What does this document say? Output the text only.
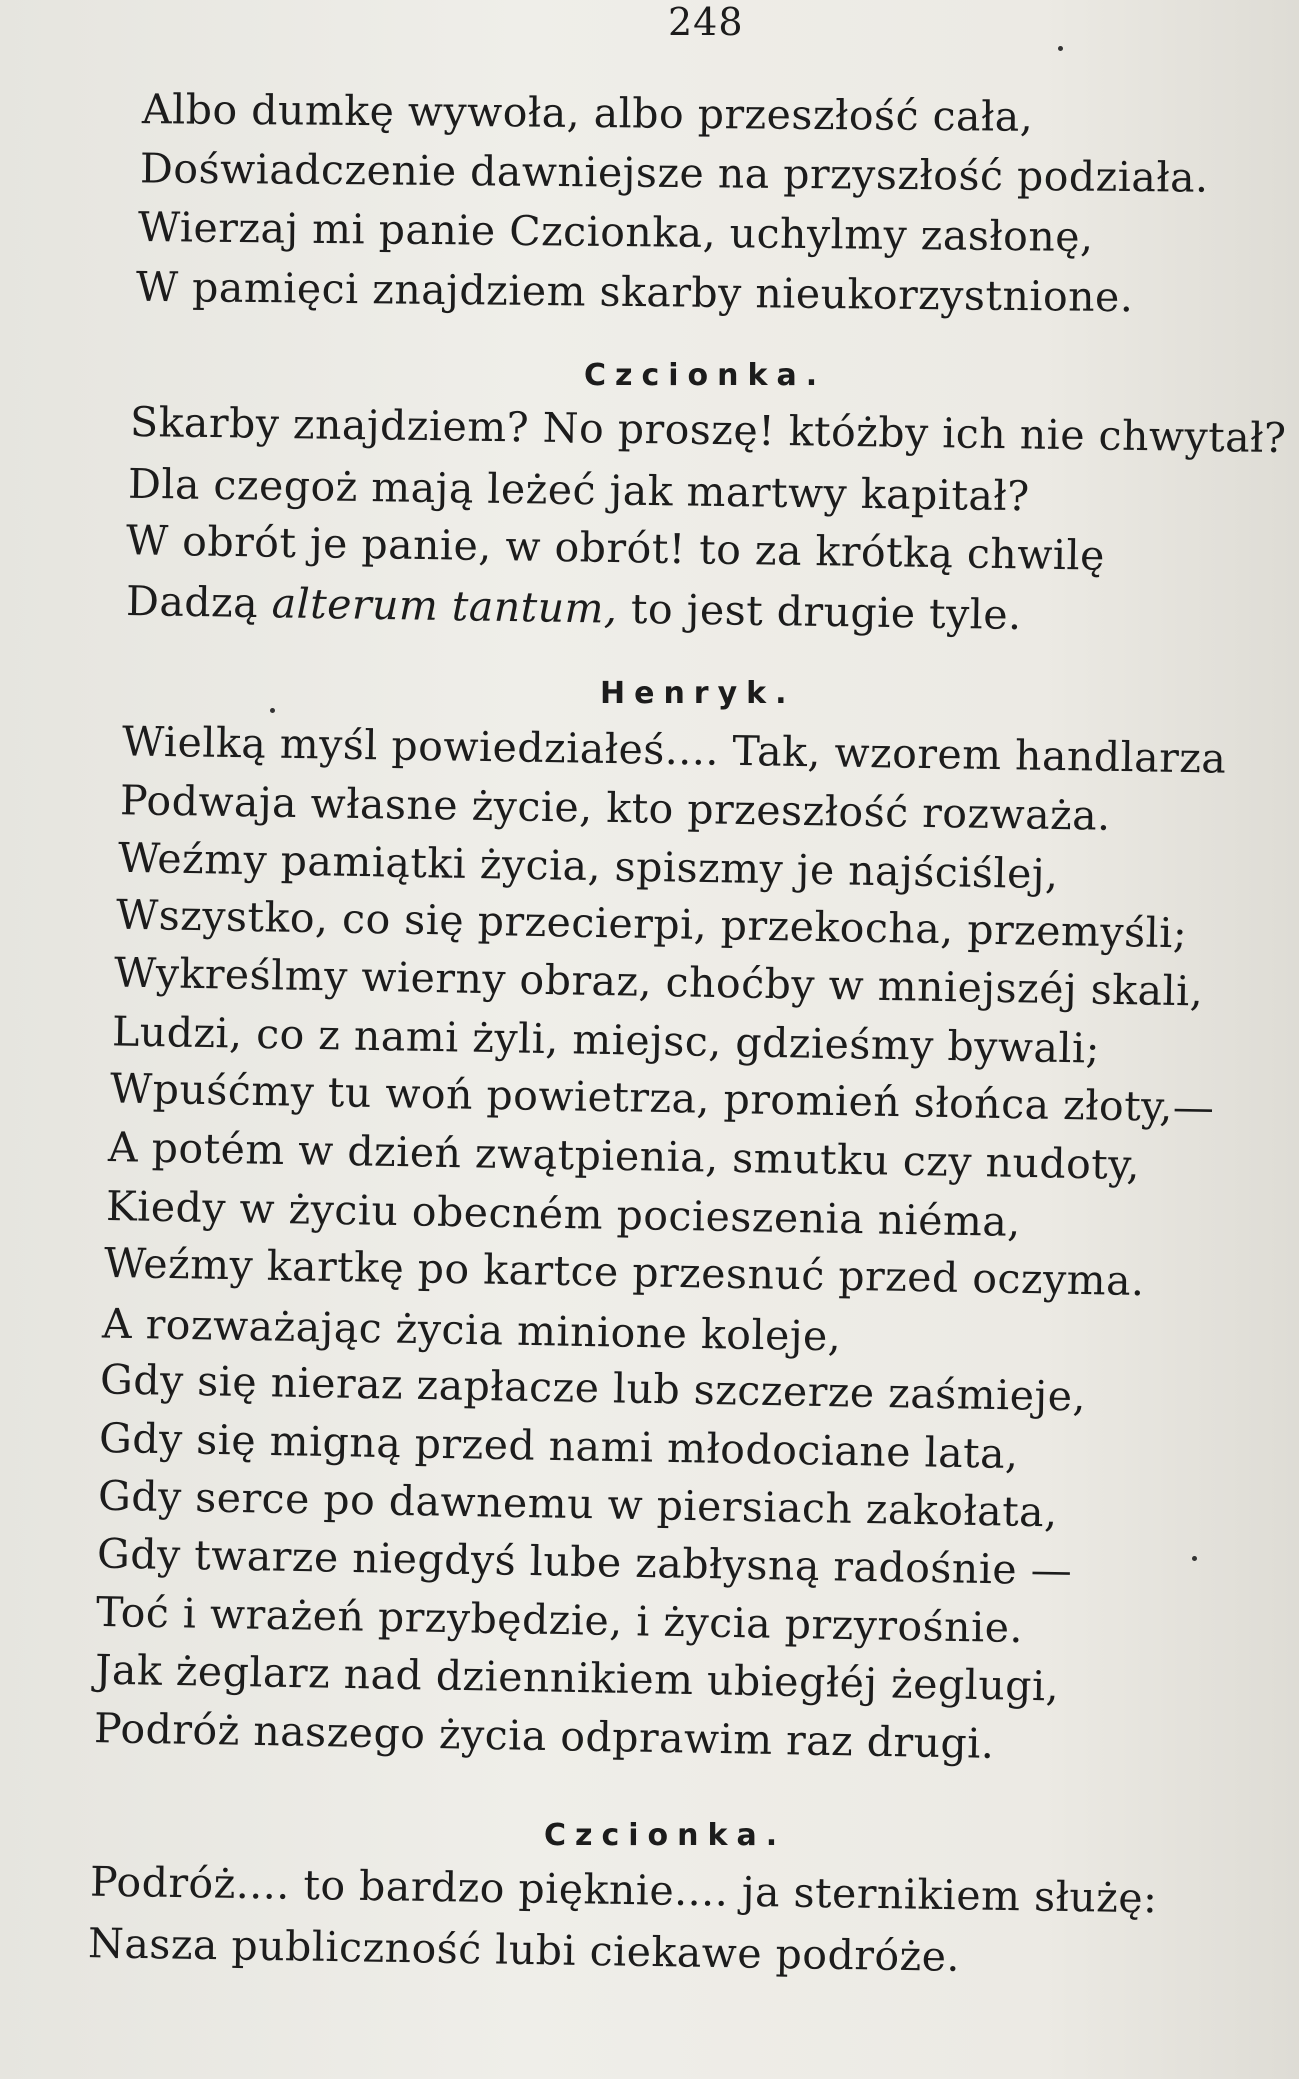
248
Albo dumkę wywoła, albo przeszłość cała,
Doświadczenie dawniejsze na przyszłość podziała.
Wierzaj mi panie Czcionka, uchylmy zasłonę,
W pamięci znajdziem skarby nieukorzystnione.
Czcionka.
Skarby znajdziem? No proszę! któżby ich nie chwytał?
Dla czegoż mają leżeć jak martwy kapitał?
W obrót je panie, w obrót! to za krótką chwilę
Dadzą alterum tantum, to jest drugie tyle.
Henryk.
Wielką myśl powiedziałeś.... Tak, wzorem handlarza
Podwaja własne życie, kto przeszłość rozważa.
Weźmy pamiątki życia, spiszmy je najściślej,
Wszystko, co się przecierpi, przekocha, przemyśli;
Wykreślmy wierny obraz, choćby w mniejszéj skali,
Ludzi, co z nami żyli, miejsc, gdzieśmy bywali;
Wpuśćmy tu woń powietrza, promień słońca złoty,—
A potém w dzień zwątpienia, smutku czy nudoty,
Kiedy w życiu obecném pocieszenia niéma,
Weźmy kartkę po kartce przesnuć przed oczyma.
A rozważając życia minione koleje,
Gdy się nieraz zapłacze lub szczerze zaśmieje,
Gdy się migną przed nami młodociane lata,
Gdy serce po dawnemu w piersiach zakołata,
Gdy twarze niegdyś lube zabłysną radośnie —
Toć i wrażeń przybędzie, i życia przyrośnie.
Jak żeglarz nad dziennikiem ubiegłéj żeglugi,
Podróż naszego życia odprawim raz drugi.
Czcionka.
Podróż.... to bardzo pięknie.... ja sternikiem służę:
Nasza publiczność lubi ciekawe podróże.
